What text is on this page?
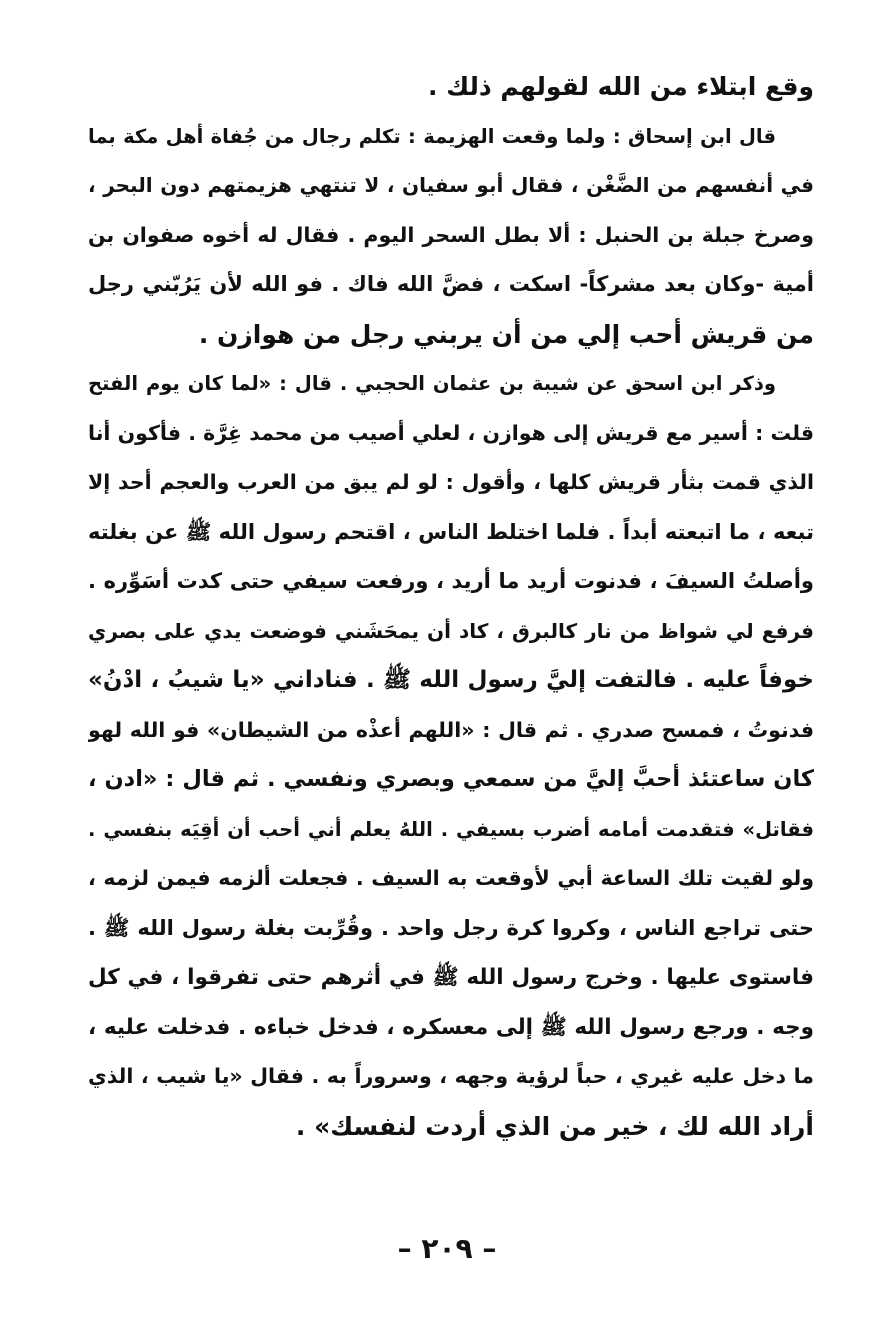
وقع ابتلاء من الله لقولهم ذلك .
قال ابن إسحاق : ولما وقعت الهزيمة : تكلم رجال من جُفاة أهل مكة بما
في أنفسهم من الضَّغْن ، فقال أبو سفيان ، لا تنتهي هزيمتهم دون البحر ،
وصرخ جبلة بن الحنبل : ألا بطل السحر اليوم . فقال له أخوه صفوان بن
أمية -وكان بعد مشركاً- اسكت ، فضَّ الله فاك . فو الله لأن يَرُبّني رجل
من قريش أحب إلي من أن يربني رجل من هوازن .
وذكر ابن اسحق عن شيبة بن عثمان الحجبي . قال : «لما كان يوم الفتح
قلت : أسير مع قريش إلى هوازن ، لعلي أصيب من محمد غِرَّة . فأكون أنا
الذي قمت بثأر قريش كلها ، وأقول : لو لم يبق من العرب والعجم أحد إلا
تبعه ، ما اتبعته أبداً . فلما اختلط الناس ، اقتحم رسول الله ﷺ عن بغلته
وأصلتُ السيفَ ، فدنوت أريد ما أريد ، ورفعت سيفي حتى كدت أسَوِّره .
فرفع لي شواظ من نار كالبرق ، كاد أن يمحَشَني فوضعت يدي على بصري
خوفاً عليه . فالتفت إليَّ رسول الله ﷺ . فناداني «يا شيبُ ، ادْنُ»
فدنوتُ ، فمسح صدري . ثم قال : «اللهم أعذْه من الشيطان» فو الله لهو
كان ساعتئذ أحبَّ إليَّ من سمعي وبصري ونفسي . ثم قال : «ادن ،
فقاتل» فتقدمت أمامه أضرب بسيفي . اللهُ يعلم أني أحب أن أقِيَه بنفسي .
ولو لقيت تلك الساعة أبي لأوقعت به السيف . فجعلت ألزمه فيمن لزمه ،
حتى تراجع الناس ، وكروا كرة رجل واحد . وقُرِّبت بغلة رسول الله ﷺ .
فاستوى عليها . وخرج رسول الله ﷺ في أثرهم حتى تفرقوا ، في كل
وجه . ورجع رسول الله ﷺ إلى معسكره ، فدخل خباءه . فدخلت عليه ،
ما دخل عليه غيري ، حباً لرؤية وجهه ، وسروراً به . فقال «يا شيب ، الذي
أراد الله لك ، خير من الذي أردت لنفسك» .
– ٢٠٩ –
